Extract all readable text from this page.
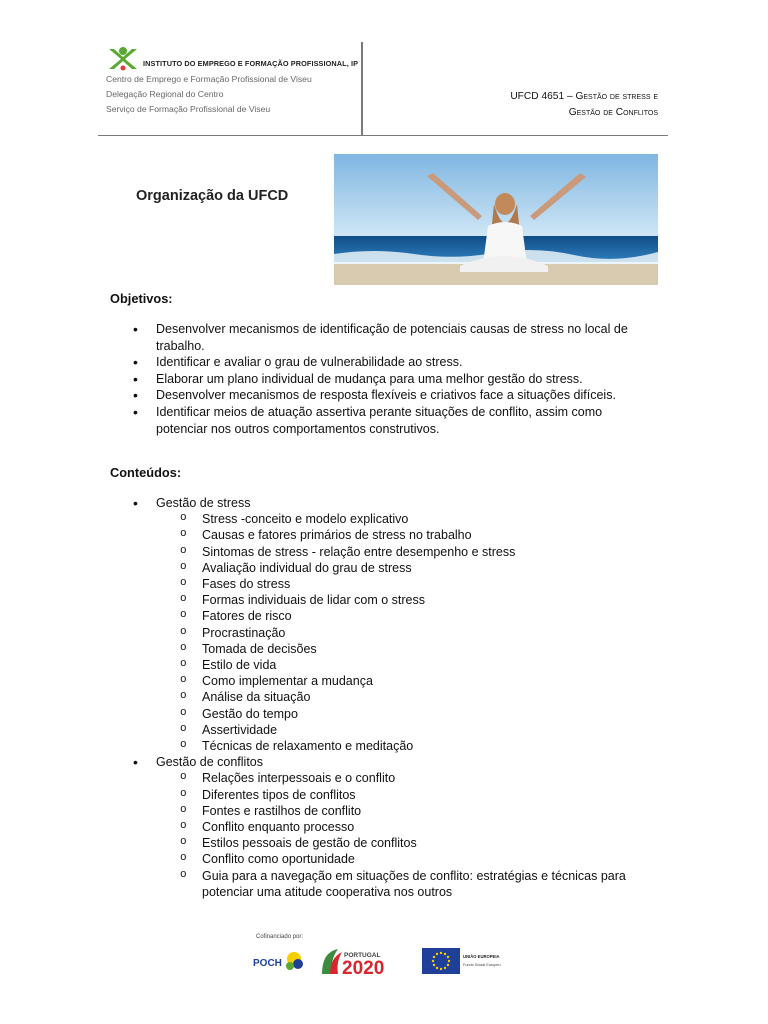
INSTITUTO DO EMPREGO E FORMAÇÃO PROFISSIONAL, IP
Centro de Emprego e Formação Profissional de Viseu
Delegação Regional do Centro
Serviço de Formação Profissional de Viseu
UFCD 4651 – Gestão de stress e
Gestão de Conflitos
Organização da UFCD
Objetivos:
• Desenvolver mecanismos de identificação de potenciais causas de stress no local de trabalho.
• Identificar e avaliar o grau de vulnerabilidade ao stress.
• Elaborar um plano individual de mudança para uma melhor gestão do stress.
• Desenvolver mecanismos de resposta flexíveis e criativos face a situações difíceis.
• Identificar meios de atuação assertiva perante situações de conflito, assim como potenciar nos outros comportamentos construtivos.
Conteúdos:
• Gestão de stress
o Stress -conceito e modelo explicativo
o Causas e fatores primários de stress no trabalho
o Sintomas de stress - relação entre desempenho e stress
o Avaliação individual do grau de stress
o Fases do stress
o Formas individuais de lidar com o stress
o Fatores de risco
o Procrastinação
o Tomada de decisões
o Estilo de vida
o Como implementar a mudança
o Análise da situação
o Gestão do tempo
o Assertividade
o Técnicas de relaxamento e meditação
• Gestão de conflitos
o Relações interpessoais e o conflito
o Diferentes tipos de conflitos
o Fontes e rastilhos de conflito
o Conflito enquanto processo
o Estilos pessoais de gestão de conflitos
o Conflito como oportunidade
o Guia para a navegação em situações de conflito: estratégias e técnicas para potenciar uma atitude cooperativa nos outros
Cofinanciado por:
POCH
PORTUGAL
2020
UNIÃO EUROPEIA
Fundo Social Europeu
